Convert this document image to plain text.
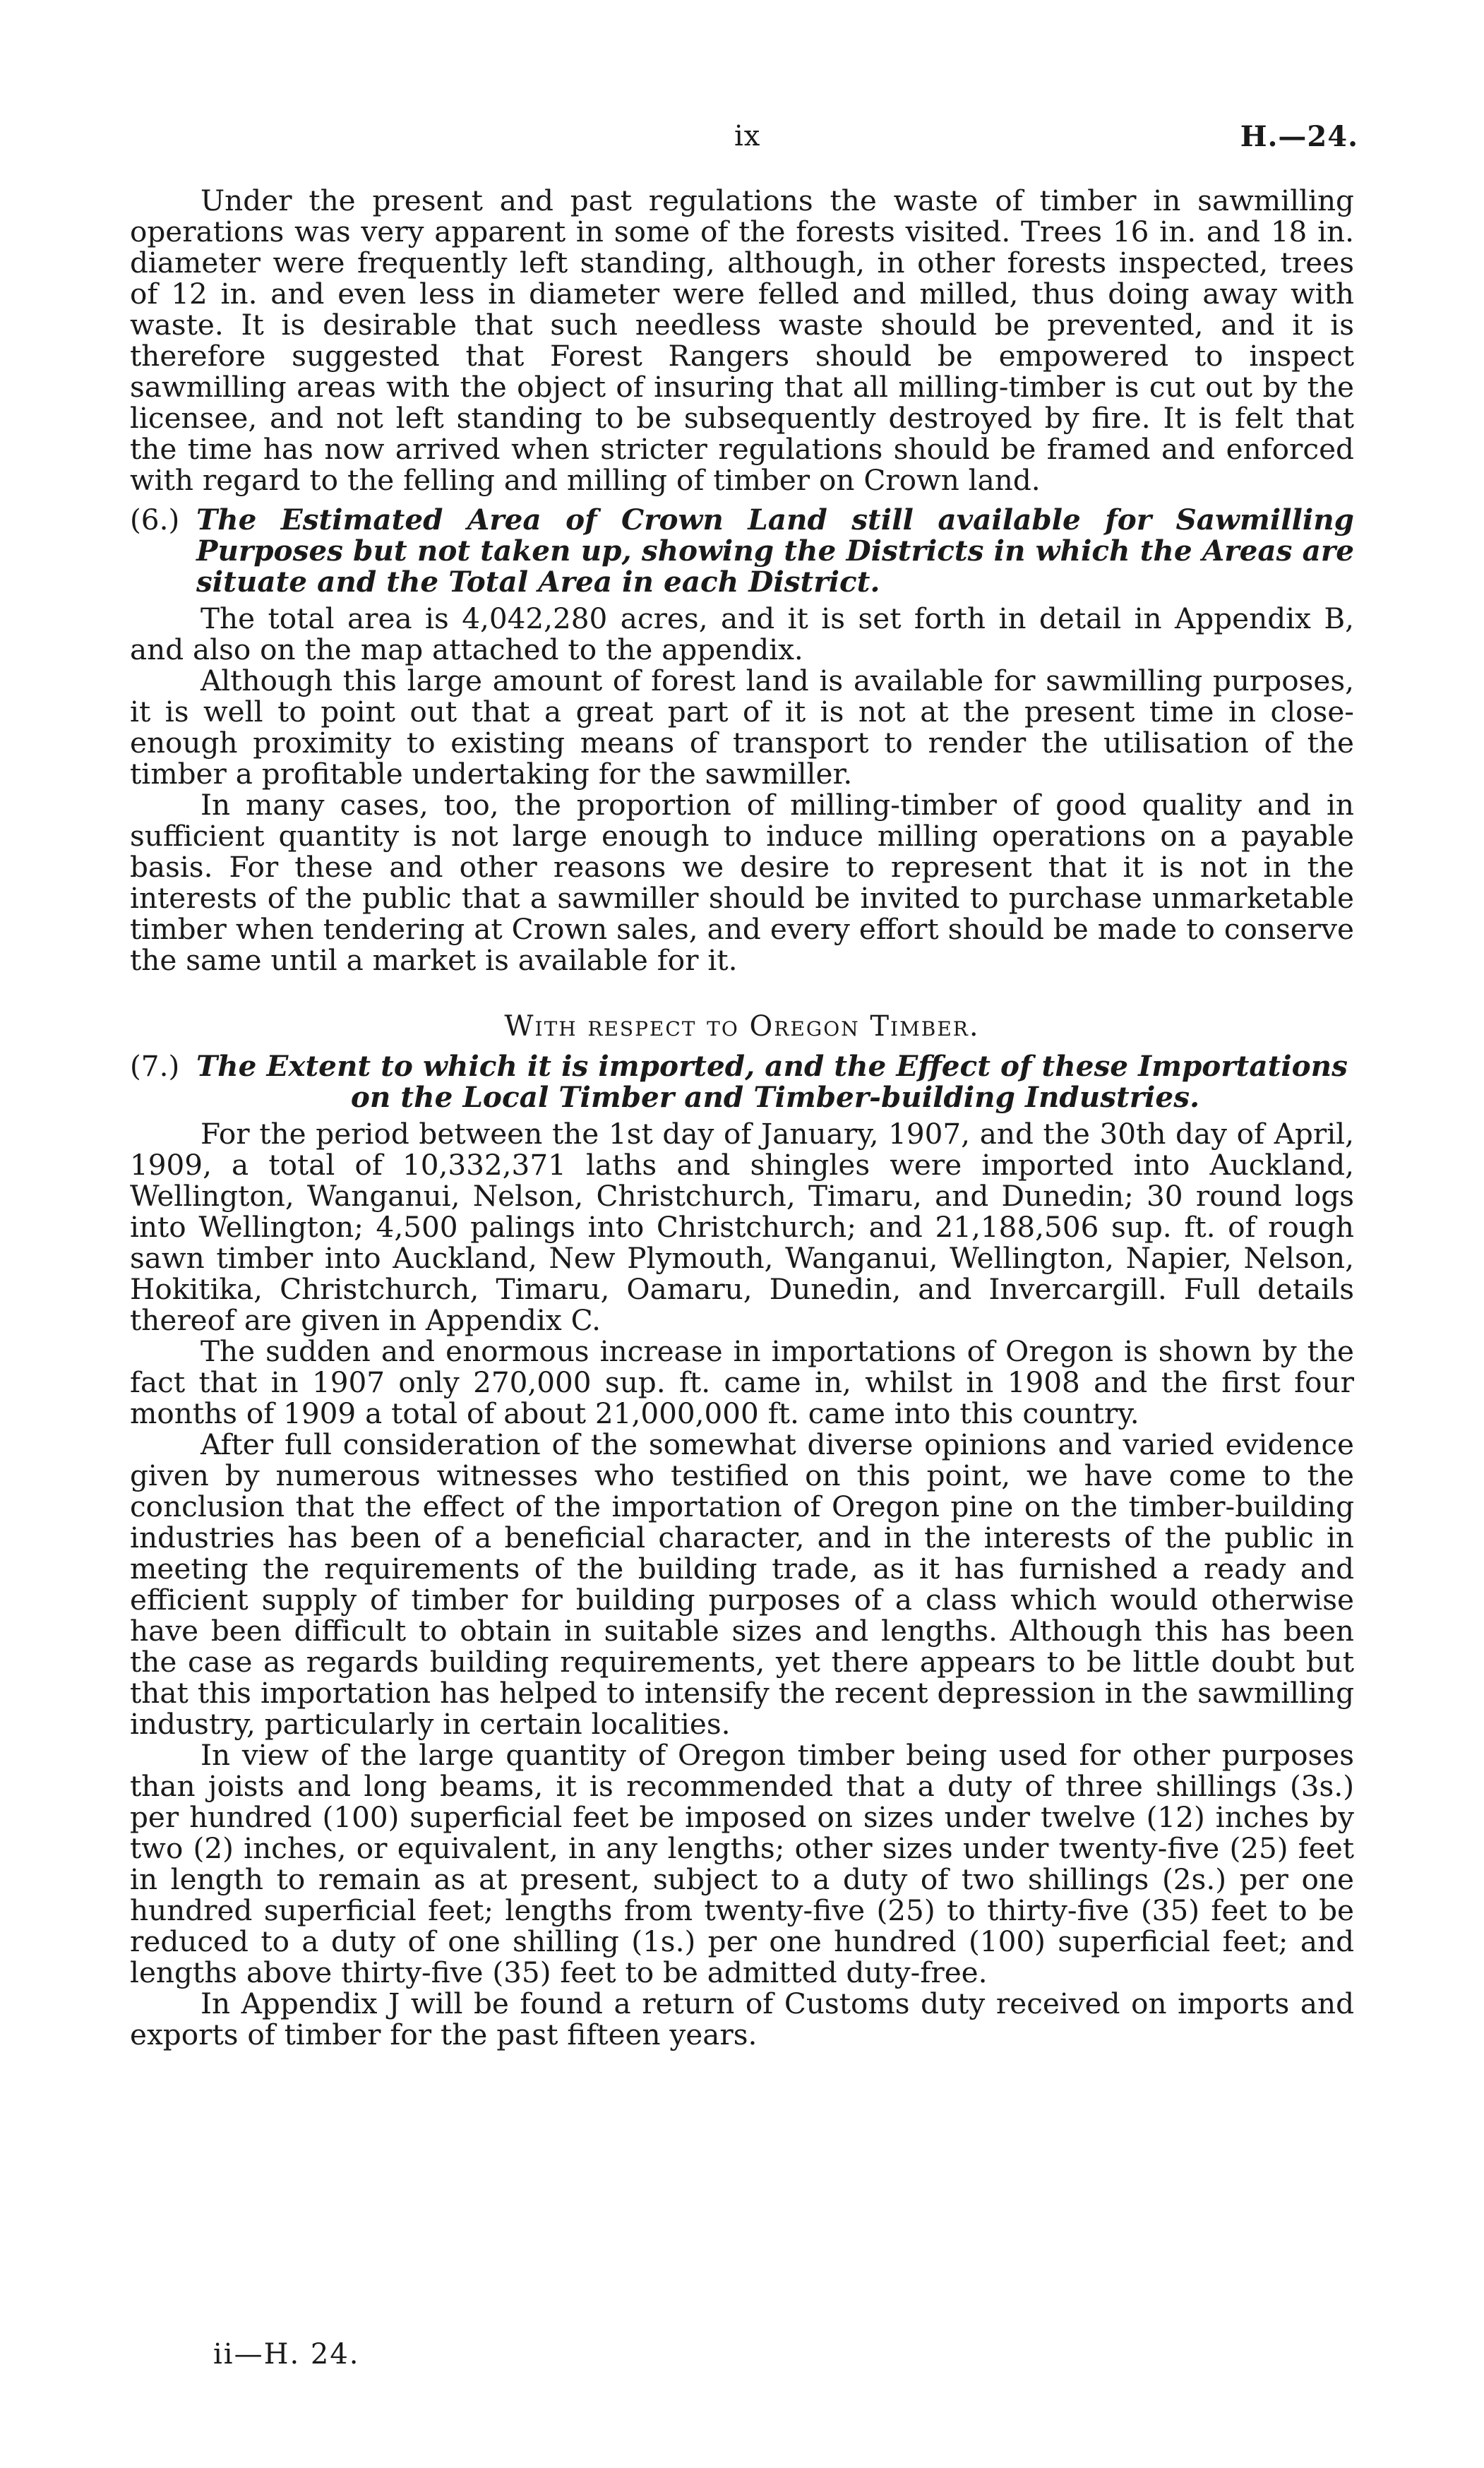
ix	H.—24.

Under the present and past regulations the waste of timber in sawmilling operations was very apparent in some of the forests visited. Trees 16 in. and 18 in. diameter were frequently left standing, although, in other forests inspected, trees of 12 in. and even less in diameter were felled and milled, thus doing away with waste. It is desirable that such needless waste should be prevented, and it is therefore suggested that Forest Rangers should be empowered to inspect sawmilling areas with the object of insuring that all milling-timber is cut out by the licensee, and not left standing to be subsequently destroyed by fire. It is felt that the time has now arrived when stricter regulations should be framed and enforced with regard to the felling and milling of timber on Crown land.

(6.) The Estimated Area of Crown Land still available for Sawmilling Purposes but not taken up, showing the Districts in which the Areas are situate and the Total Area in each District.

The total area is 4,042,280 acres, and it is set forth in detail in Appendix B, and also on the map attached to the appendix.

Although this large amount of forest land is available for sawmilling purposes, it is well to point out that a great part of it is not at the present time in close-enough proximity to existing means of transport to render the utilisation of the timber a profitable undertaking for the sawmiller.

In many cases, too, the proportion of milling-timber of good quality and in sufficient quantity is not large enough to induce milling operations on a payable basis. For these and other reasons we desire to represent that it is not in the interests of the public that a sawmiller should be invited to purchase unmarketable timber when tendering at Crown sales, and every effort should be made to conserve the same until a market is available for it.

With respect to Oregon Timber.

(7.) The Extent to which it is imported, and the Effect of these Importations
on the Local Timber and Timber-building Industries.

For the period between the 1st day of January, 1907, and the 30th day of April, 1909, a total of 10,332,371 laths and shingles were imported into Auckland, Wellington, Wanganui, Nelson, Christchurch, Timaru, and Dunedin; 30 round logs into Wellington; 4,500 palings into Christchurch; and 21,188,506 sup. ft. of rough sawn timber into Auckland, New Plymouth, Wanganui, Wellington, Napier, Nelson, Hokitika, Christchurch, Timaru, Oamaru, Dunedin, and Invercargill. Full details thereof are given in Appendix C.

The sudden and enormous increase in importations of Oregon is shown by the fact that in 1907 only 270,000 sup. ft. came in, whilst in 1908 and the first four months of 1909 a total of about 21,000,000 ft. came into this country.

After full consideration of the somewhat diverse opinions and varied evidence given by numerous witnesses who testified on this point, we have come to the conclusion that the effect of the importation of Oregon pine on the timber-building industries has been of a beneficial character, and in the interests of the public in meeting the requirements of the building trade, as it has furnished a ready and efficient supply of timber for building purposes of a class which would otherwise have been difficult to obtain in suitable sizes and lengths. Although this has been the case as regards building requirements, yet there appears to be little doubt but that this importation has helped to intensify the recent depression in the sawmilling industry, particularly in certain localities.

In view of the large quantity of Oregon timber being used for other purposes than joists and long beams, it is recommended that a duty of three shillings (3s.) per hundred (100) superficial feet be imposed on sizes under twelve (12) inches by two (2) inches, or equivalent, in any lengths; other sizes under twenty-five (25) feet in length to remain as at present, subject to a duty of two shillings (2s.) per one hundred superficial feet; lengths from twenty-five (25) to thirty-five (35) feet to be reduced to a duty of one shilling (1s.) per one hundred (100) superficial feet; and lengths above thirty-five (35) feet to be admitted duty-free.

In Appendix J will be found a return of Customs duty received on imports and exports of timber for the past fifteen years.

ii—H. 24.
